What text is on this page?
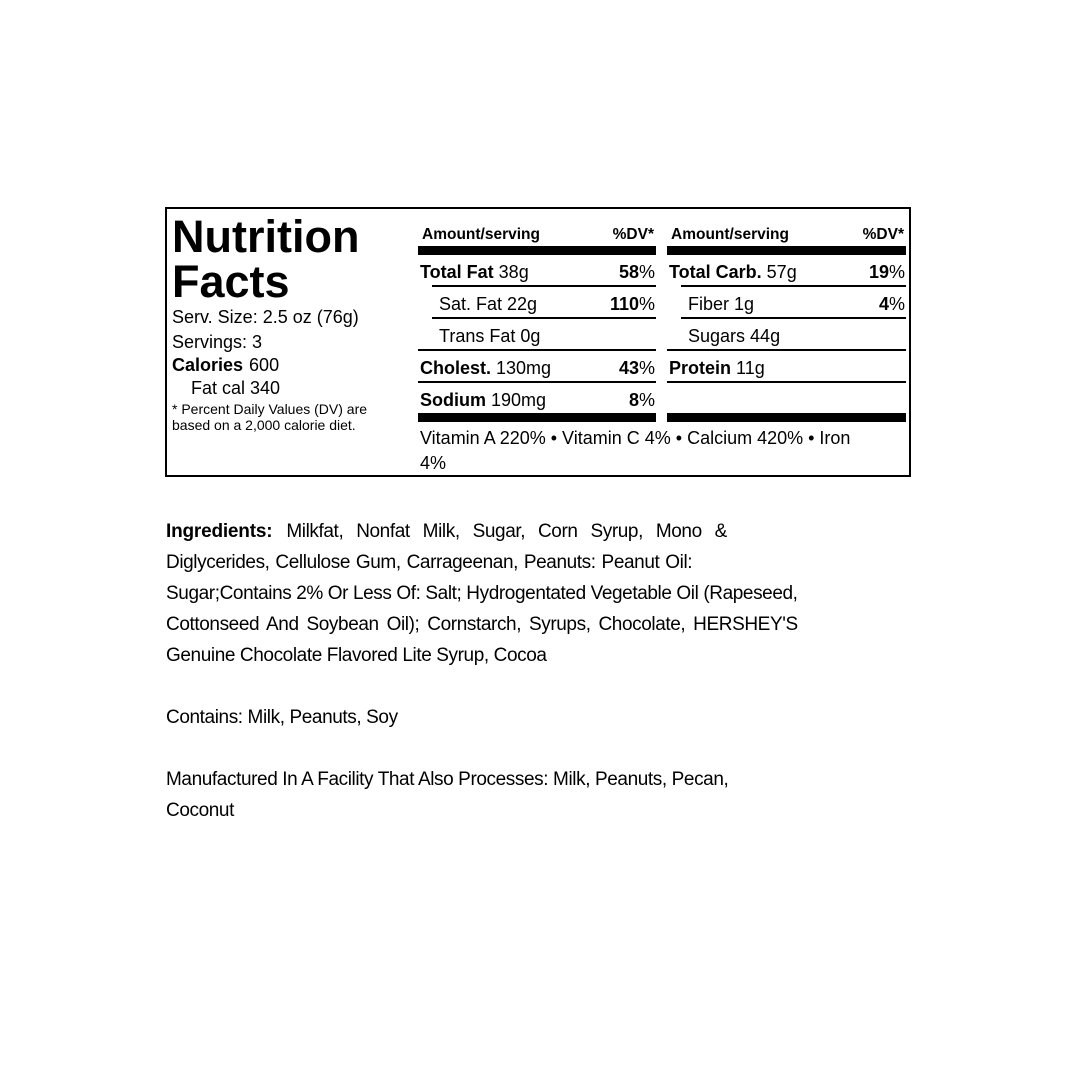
Nutrition
Facts
Serv. Size: 2.5 oz (76g)
Servings: 3
Calories 600
Fat cal 340
* Percent Daily Values (DV) are
based on a 2,000 calorie diet.
Amount/serving	%DV*
Total Fat 38g	58%
Sat. Fat 22g	110%
Trans Fat 0g
Cholest. 130mg	43%
Sodium 190mg	8%
Amount/serving	%DV*
Total Carb. 57g	19%
Fiber 1g	4%
Sugars 44g
Protein 11g
Vitamin A 220% • Vitamin C 4% • Calcium 420% • Iron
4%
Ingredients: Milkfat, Nonfat Milk, Sugar, Corn Syrup, Mono &
Diglycerides, Cellulose Gum, Carrageenan, Peanuts: Peanut Oil:
Sugar;Contains 2% Or Less Of: Salt; Hydrogentated Vegetable Oil (Rapeseed,
Cottonseed And Soybean Oil); Cornstarch, Syrups, Chocolate, HERSHEY'S
Genuine Chocolate Flavored Lite Syrup, Cocoa
Contains: Milk, Peanuts, Soy
Manufactured In A Facility That Also Processes: Milk, Peanuts, Pecan,
Coconut
